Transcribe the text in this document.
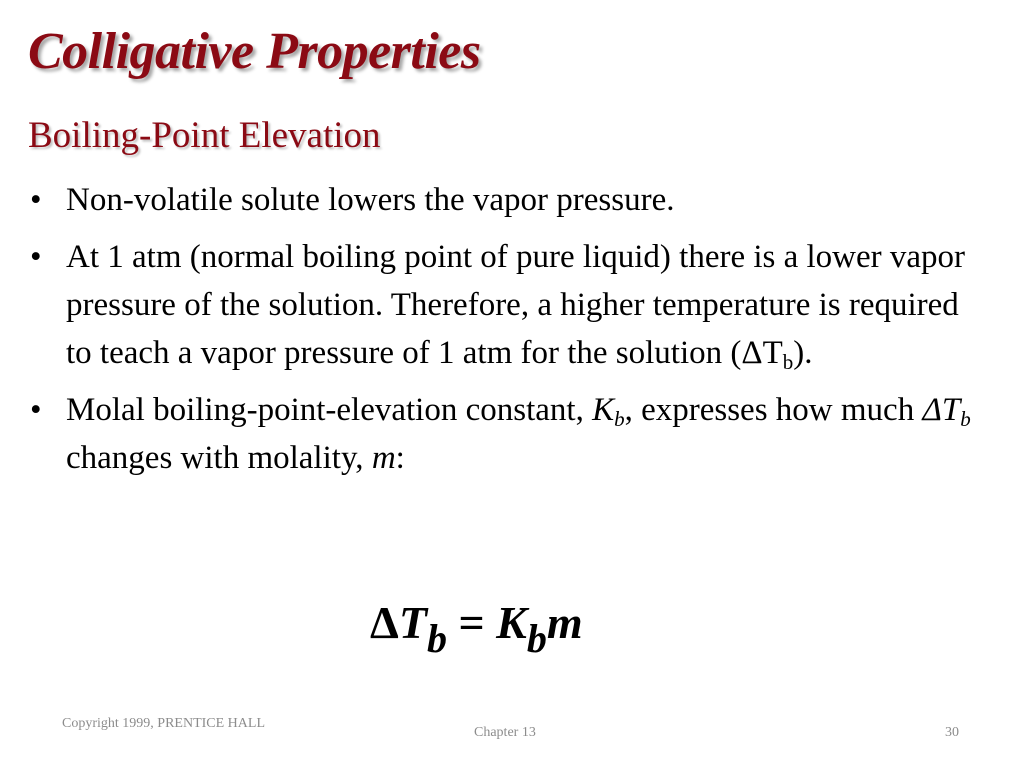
Colligative Properties
Boiling-Point Elevation
• Non-volatile solute lowers the vapor pressure.
• At 1 atm (normal boiling point of pure liquid) there is a lower vapor pressure of the solution. Therefore, a higher temperature is required to teach a vapor pressure of 1 atm for the solution $(\Delta T_b)$.
• Molal boiling-point-elevation constant, $K_b$, expresses how much $\Delta T_b$ changes with molality, m:
$\Delta T_b = K_bm$
Copyright 1999, PRENTICE HALL
Chapter 13	30
